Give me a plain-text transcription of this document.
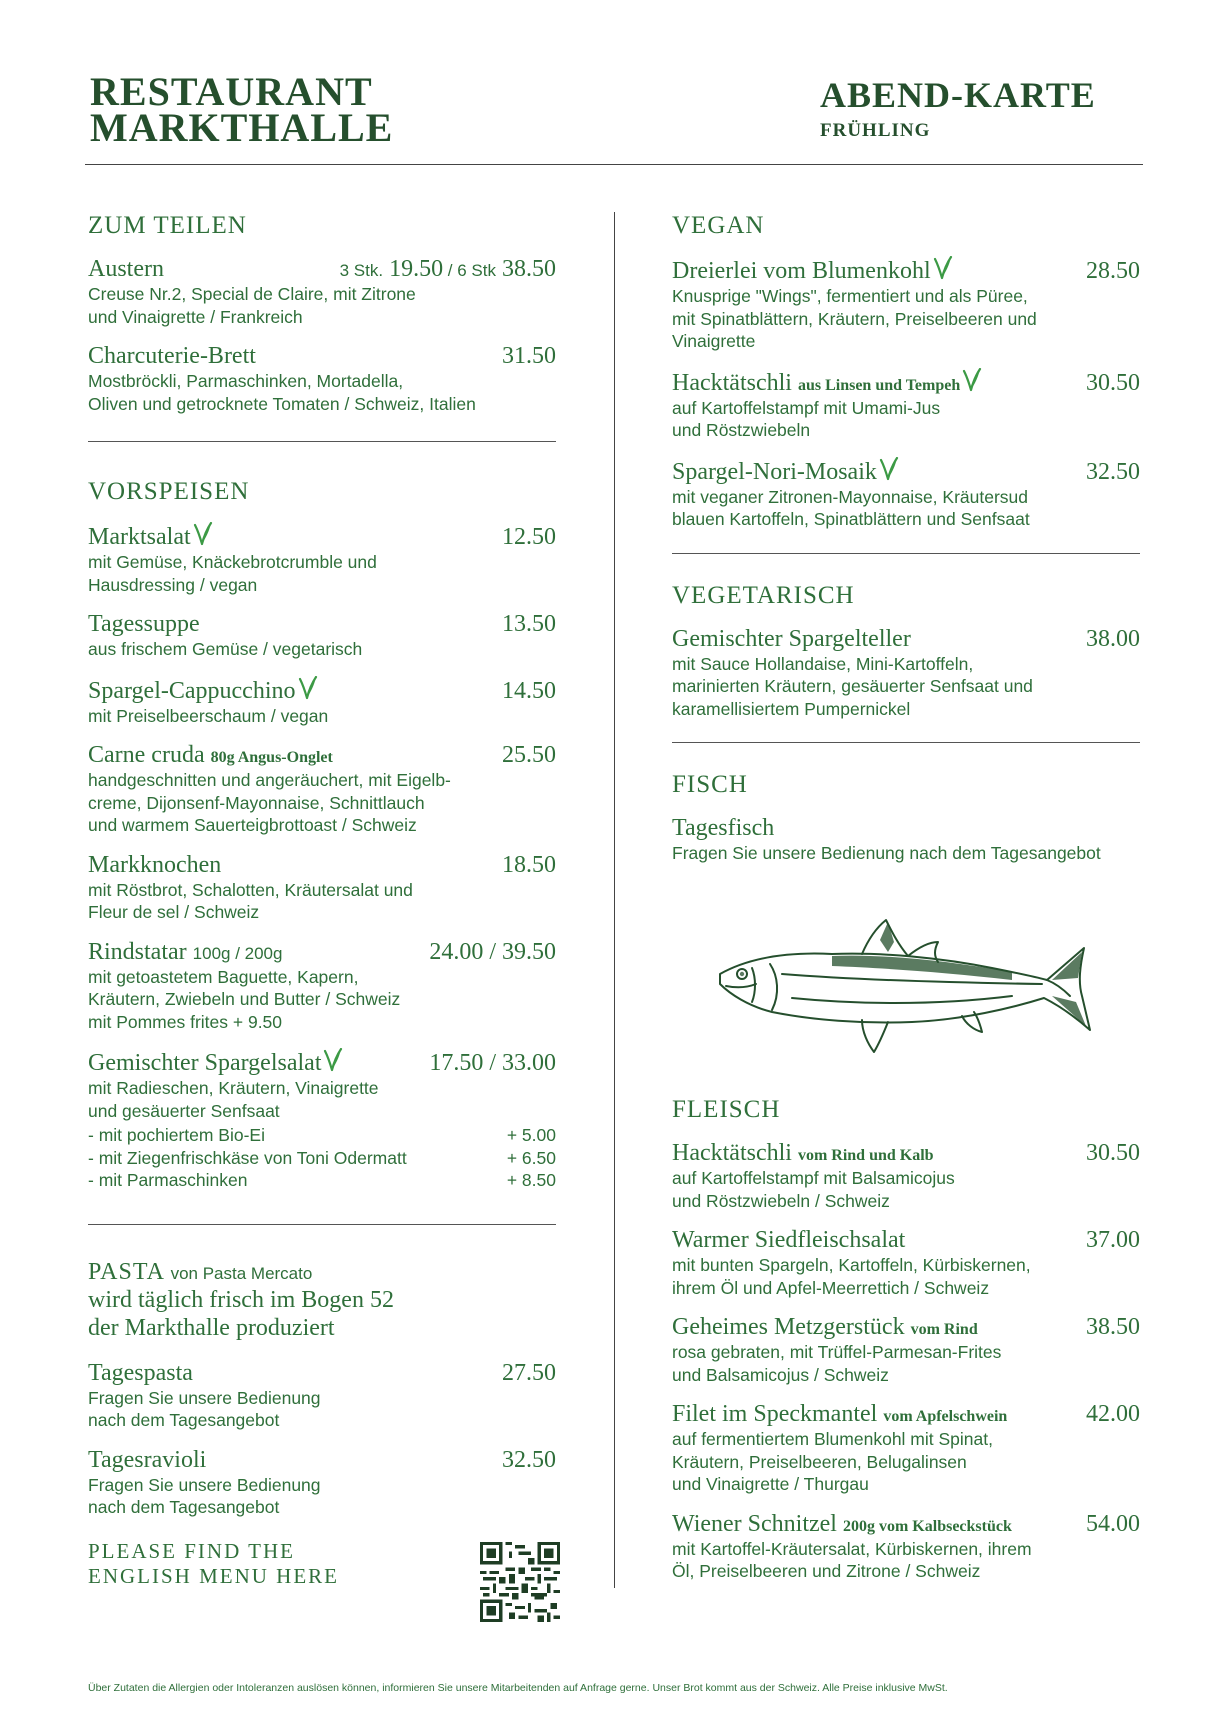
RESTAURANT
MARKTHALLE
ABEND-KARTE
FRÜHLING
ZUM TEILEN
Austern	3 Stk. 19.50 / 6 Stk 38.50
Creuse Nr.2, Special de Claire, mit Zitrone
und Vinaigrette / Frankreich
Charcuterie-Brett	31.50
Mostbröckli, Parmaschinken, Mortadella,
Oliven und getrocknete Tomaten / Schweiz, Italien
VORSPEISEN
Marktsalat	12.50
mit Gemüse, Knäckebrotcrumble und
Hausdressing / vegan
Tagessuppe	13.50
aus frischem Gemüse / vegetarisch
Spargel-Cappucchino	14.50
mit Preiselbeerschaum / vegan
Carne cruda 80g Angus-Onglet	25.50
handgeschnitten und angeräuchert, mit Eigelb-
creme, Dijonsenf-Mayonnaise, Schnittlauch
und warmem Sauerteigbrottoast / Schweiz
Markknochen	18.50
mit Röstbrot, Schalotten, Kräutersalat und
Fleur de sel / Schweiz
Rindstatar 100g / 200g	24.00 / 39.50
mit getoastetem Baguette, Kapern,
Kräutern, Zwiebeln und Butter / Schweiz
mit Pommes frites + 9.50
Gemischter Spargelsalat	17.50 / 33.00
mit Radieschen, Kräutern, Vinaigrette
und gesäuerter Senfsaat
- mit pochiertem Bio-Ei	+ 5.00
- mit Ziegenfrischkäse von Toni Odermatt	+ 6.50
- mit Parmaschinken	+ 8.50
PASTA von Pasta Mercato
wird täglich frisch im Bogen 52
der Markthalle produziert
Tagespasta	27.50
Fragen Sie unsere Bedienung
nach dem Tagesangebot
Tagesravioli	32.50
Fragen Sie unsere Bedienung
nach dem Tagesangebot
PLEASE FIND THE
ENGLISH MENU HERE
VEGAN
Dreierlei vom Blumenkohl	28.50
Knusprige "Wings", fermentiert und als Püree,
mit Spinatblättern, Kräutern, Preiselbeeren und
Vinaigrette
Hacktätschli aus Linsen und Tempeh	30.50
auf Kartoffelstampf mit Umami-Jus
und Röstzwiebeln
Spargel-Nori-Mosaik	32.50
mit veganer Zitronen-Mayonnaise, Kräutersud
blauen Kartoffeln, Spinatblättern und Senfsaat
VEGETARISCH
Gemischter Spargelteller	38.00
mit Sauce Hollandaise, Mini-Kartoffeln,
marinierten Kräutern, gesäuerter Senfsaat und
karamellisiertem Pumpernickel
FISCH
Tagesfisch
Fragen Sie unsere Bedienung nach dem Tagesangebot
FLEISCH
Hacktätschli vom Rind und Kalb	30.50
auf Kartoffelstampf mit Balsamicojus
und Röstzwiebeln / Schweiz
Warmer Siedfleischsalat	37.00
mit bunten Spargeln, Kartoffeln, Kürbiskernen,
ihrem Öl und Apfel-Meerrettich / Schweiz
Geheimes Metzgerstück vom Rind	38.50
rosa gebraten, mit Trüffel-Parmesan-Frites
und Balsamicojus / Schweiz
Filet im Speckmantel vom Apfelschwein	42.00
auf fermentiertem Blumenkohl mit Spinat,
Kräutern, Preiselbeeren, Belugalinsen
und Vinaigrette / Thurgau
Wiener Schnitzel 200g vom Kalbseckstück	54.00
mit Kartoffel-Kräutersalat, Kürbiskernen, ihrem
Öl, Preiselbeeren und Zitrone / Schweiz
Über Zutaten die Allergien oder Intoleranzen auslösen können, informieren Sie unsere Mitarbeitenden auf Anfrage gerne. Unser Brot kommt aus der Schweiz. Alle Preise inklusive MwSt.
